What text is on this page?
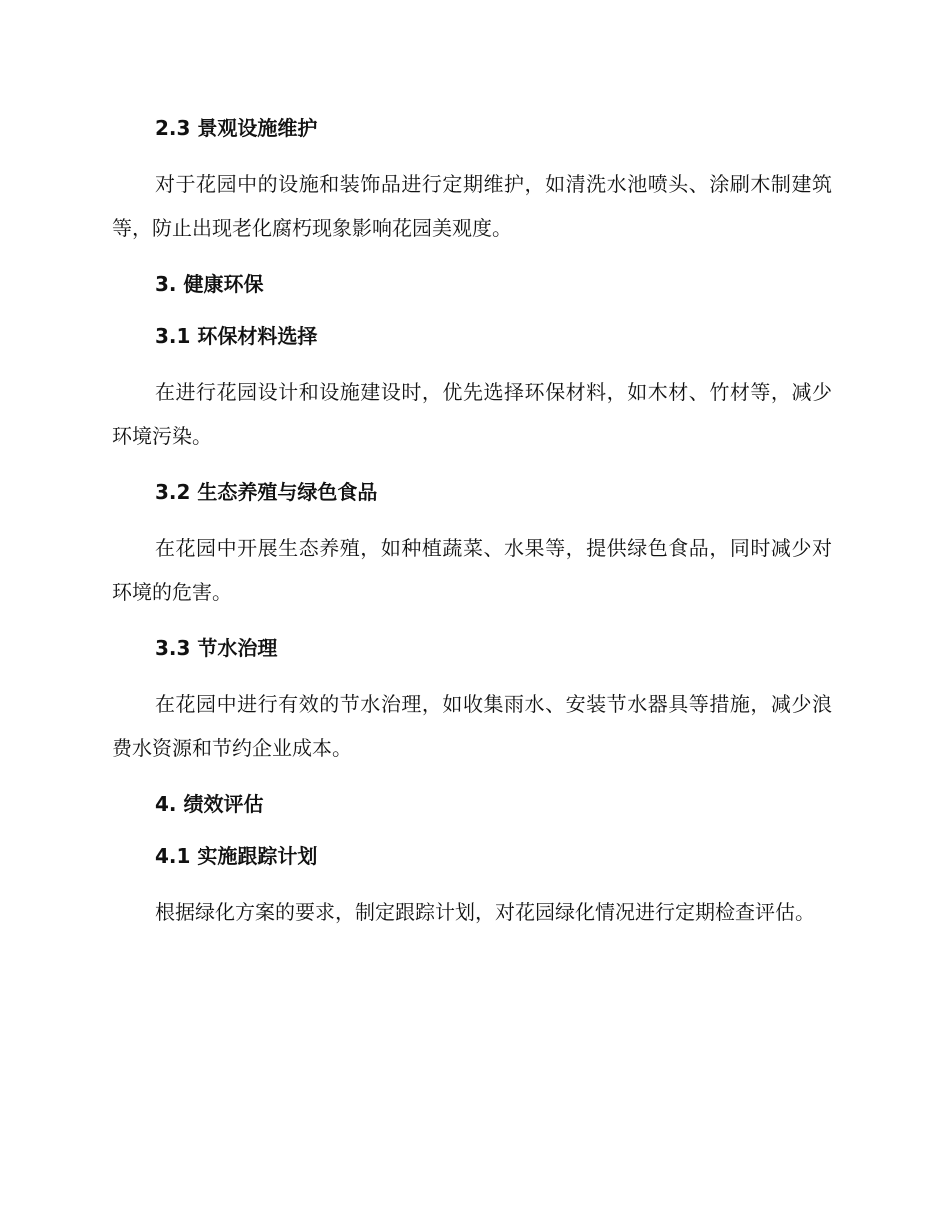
2.3 景观设施维护

对于花园中的设施和装饰品进行定期维护，如清洗水池喷头、涂刷木制建筑等，防止出现老化腐朽现象影响花园美观度。

3. 健康环保
3.1 环保材料选择

在进行花园设计和设施建设时，优先选择环保材料，如木材、竹材等，减少环境污染。

3.2 生态养殖与绿色食品

在花园中开展生态养殖，如种植蔬菜、水果等，提供绿色食品，同时减少对环境的危害。

3.3 节水治理

在花园中进行有效的节水治理，如收集雨水、安装节水器具等措施，减少浪费水资源和节约企业成本。

4. 绩效评估
4.1 实施跟踪计划

根据绿化方案的要求，制定跟踪计划，对花园绿化情况进行定期检查评估。
